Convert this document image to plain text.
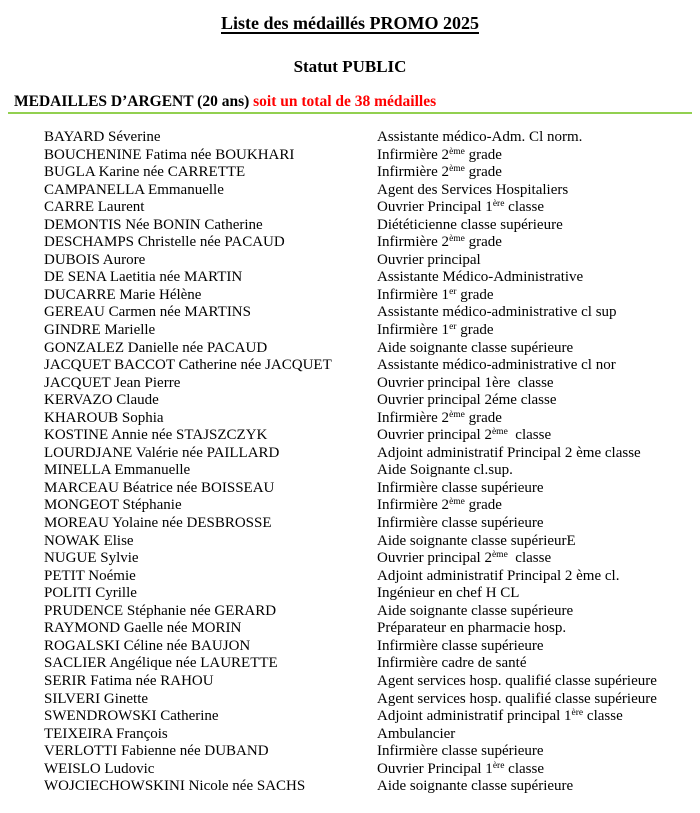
Liste des médaillés PROMO 2025
Statut PUBLIC
MEDAILLES D’ARGENT (20 ans) soit un total de 38 médailles
BAYARD Séverine	Assistante médico-Adm. Cl norm.
BOUCHENINE Fatima née BOUKHARI	Infirmière 2ème grade
BUGLA Karine née CARRETTE	Infirmière 2ème grade
CAMPANELLA Emmanuelle	Agent des Services Hospitaliers
CARRE Laurent	Ouvrier Principal 1ère classe
DEMONTIS Née BONIN Catherine	Diététicienne classe supérieure
DESCHAMPS Christelle née PACAUD	Infirmière 2ème grade
DUBOIS Aurore	Ouvrier principal
DE SENA Laetitia née MARTIN	Assistante Médico-Administrative
DUCARRE Marie Hélène	Infirmière 1er grade
GEREAU Carmen née MARTINS	Assistante médico-administrative cl sup
GINDRE Marielle	Infirmière 1er grade
GONZALEZ Danielle née PACAUD	Aide soignante classe supérieure
JACQUET BACCOT Catherine née JACQUET	Assistante médico-administrative cl nor
JACQUET Jean Pierre	Ouvrier principal 1ère  classe
KERVAZO Claude	Ouvrier principal 2éme classe
KHAROUB Sophia	Infirmière 2ème grade
KOSTINE Annie née STAJSZCZYK	Ouvrier principal 2ème  classe
LOURDJANE Valérie née PAILLARD	Adjoint administratif Principal 2 ème classe
MINELLA Emmanuelle	Aide Soignante cl.sup.
MARCEAU Béatrice née BOISSEAU	Infirmière classe supérieure
MONGEOT Stéphanie	Infirmière 2ème grade
MOREAU Yolaine née DESBROSSE	Infirmière classe supérieure
NOWAK Elise	Aide soignante classe supérieurE
NUGUE Sylvie	Ouvrier principal 2ème  classe
PETIT Noémie	Adjoint administratif Principal 2 ème cl.
POLITI Cyrille	Ingénieur en chef H CL
PRUDENCE Stéphanie née GERARD	Aide soignante classe supérieure
RAYMOND Gaelle née MORIN	Préparateur en pharmacie hosp.
ROGALSKI Céline née BAUJON	Infirmière classe supérieure
SACLIER Angélique née LAURETTE	Infirmière cadre de santé
SERIR Fatima née RAHOU	Agent services hosp. qualifié classe supérieure
SILVERI Ginette	Agent services hosp. qualifié classe supérieure
SWENDROWSKI Catherine	Adjoint administratif principal 1ère classe
TEIXEIRA François	Ambulancier
VERLOTTI Fabienne née DUBAND	Infirmière classe supérieure
WEISLO Ludovic	Ouvrier Principal 1ère classe
WOJCIECHOWSKINI Nicole née SACHS	Aide soignante classe supérieure
